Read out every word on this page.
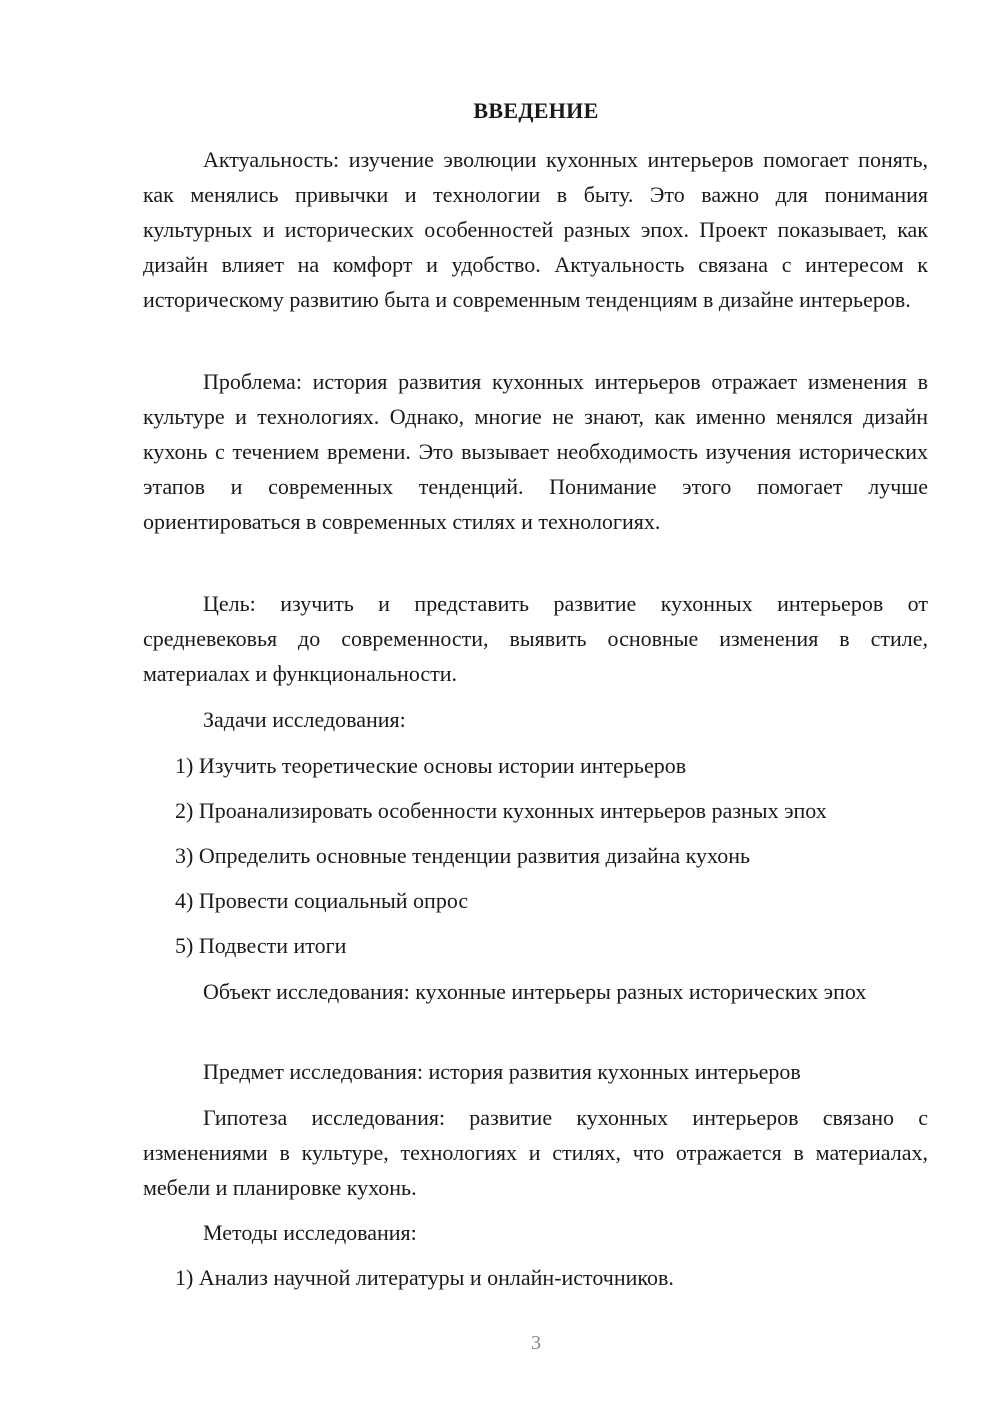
ВВЕДЕНИЕ

Актуальность: изучение эволюции кухонных интерьеров помогает понять, как менялись привычки и технологии в быту. Это важно для понимания культурных и исторических особенностей разных эпох. Проект показывает, как дизайн влияет на комфорт и удобство. Актуальность связана с интересом к историческому развитию быта и современным тенденциям в дизайне интерьеров.

Проблема: история развития кухонных интерьеров отражает изменения в культуре и технологиях. Однако, многие не знают, как именно менялся дизайн кухонь с течением времени. Это вызывает необходимость изучения исторических этапов и современных тенденций. Понимание этого помогает лучше ориентироваться в современных стилях и технологиях.

Цель: изучить и представить развитие кухонных интерьеров от средневековья до современности, выявить основные изменения в стиле, материалах и функциональности.

Задачи исследования:
1) Изучить теоретические основы истории интерьеров
2) Проанализировать особенности кухонных интерьеров разных эпох
3) Определить основные тенденции развития дизайна кухонь
4) Провести социальный опрос
5) Подвести итоги

Объект исследования: кухонные интерьеры разных исторических эпох

Предмет исследования: история развития кухонных интерьеров

Гипотеза исследования: развитие кухонных интерьеров связано с изменениями в культуре, технологиях и стилях, что отражается в материалах, мебели и планировке кухонь.

Методы исследования:
1) Анализ научной литературы и онлайн-источников.
3
